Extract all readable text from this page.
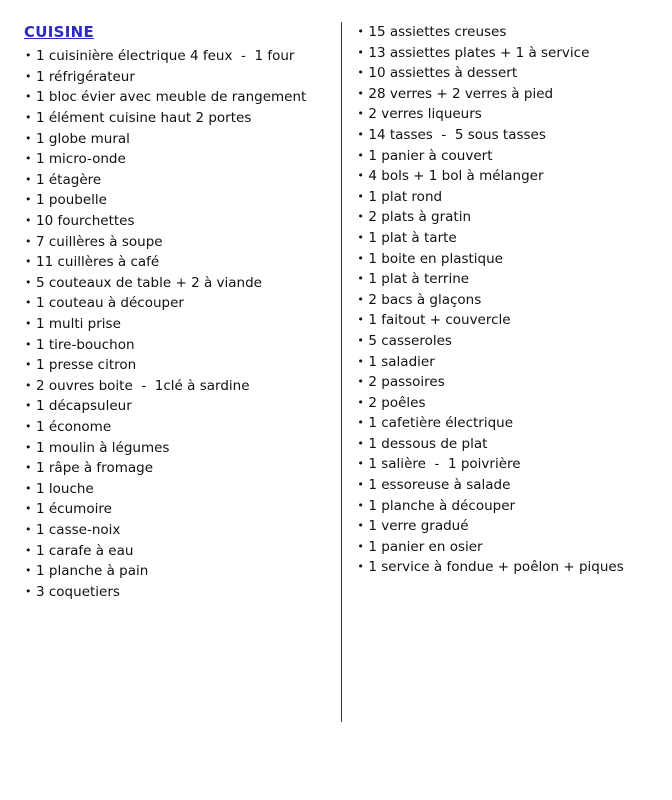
CUISINE
• 1 cuisinière électrique 4 feux  -  1 four
• 1 réfrigérateur
• 1 bloc évier avec meuble de rangement
• 1 élément cuisine haut 2 portes
• 1 globe mural
• 1 micro-onde
• 1 étagère
• 1 poubelle
• 10 fourchettes
• 7 cuillères à soupe
• 11 cuillères à café
• 5 couteaux de table + 2 à viande
• 1 couteau à découper
• 1 multi prise
• 1 tire-bouchon
• 1 presse citron
• 2 ouvres boite  -  1clé à sardine
• 1 décapsuleur
• 1 économe
• 1 moulin à légumes
• 1 râpe à fromage
• 1 louche
• 1 écumoire
• 1 casse-noix
• 1 carafe à eau
• 1 planche à pain
• 3 coquetiers
• 15 assiettes creuses
• 13 assiettes plates + 1 à service
• 10 assiettes à dessert
• 28 verres + 2 verres à pied
• 2 verres liqueurs
• 14 tasses  -  5 sous tasses
• 1 panier à couvert
• 4 bols + 1 bol à mélanger
• 1 plat rond
• 2 plats à gratin
• 1 plat à tarte
• 1 boite en plastique
• 1 plat à terrine
• 2 bacs à glaçons
• 1 faitout + couvercle
• 5 casseroles
• 1 saladier
• 2 passoires
• 2 poêles
• 1 cafetière électrique
• 1 dessous de plat
• 1 salière  -  1 poivrière
• 1 essoreuse à salade
• 1 planche à découper
• 1 verre gradué
• 1 panier en osier
• 1 service à fondue + poêlon + piques
